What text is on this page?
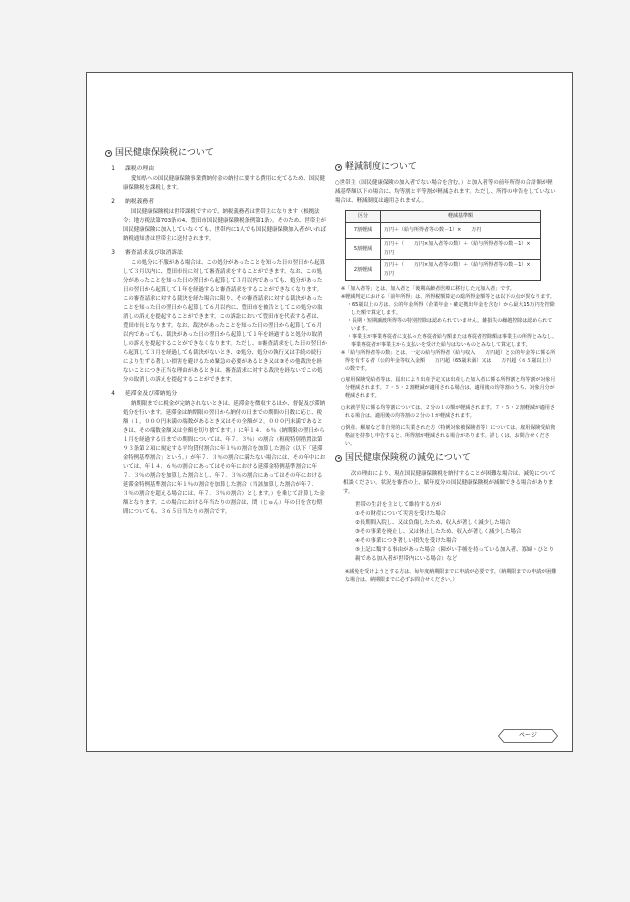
国民健康保険税について
1 課税の理由
愛知県への国民健康保険事業費納付金の納付に要する費用に充てるため、国民健康保険税を課税します。
2 納税義務者
国民健康保険税は世帯課税ですので、納税義務者は世帯主になります（根拠法令：地方税法第703条の4、豊田市国民健康保険税条例第1条）。そのため、世帯主が国民健康保険に加入していなくても、世帯内に1人でも国民健康保険加入者がいれば納税通知書は世帯主に送付されます。
3 審査請求及び取消訴訟
この処分に不服がある場合は、この処分があったことを知った日の翌日から起算して３月以内に、豊田市長に対して審査請求をすることができます。なお、この処分があったことを知った日の翌日から起算して３月以内であっても、処分があった日の翌日から起算して１年を経過すると審査請求をすることができなくなります。この審査請求に対する裁決を経た場合に限り、その審査請求に対する裁決があったことを知った日の翌日から起算して６月以内に、豊田市を被告としてこの処分の取消しの訴えを提起することができます。この訴訟において豊田市を代表する者は、豊田市長となります。なお、裁決があったことを知った日の翌日から起算して６月以内であっても、裁決があった日の翌日から起算して１年を経過すると処分の取消しの訴えを提起することができなくなります。ただし、①審査請求をした日の翌日から起算して３月を経過しても裁決がないとき、②処分、処分の執行又は手続の続行により生ずる著しい損害を避けるため緊急の必要があるとき又は③その他裁決を経ないことにつき正当な理由があるときは、審査請求に対する裁決を経ないでこの処分の取消しの訴えを提起することができます。
4 延滞金及び滞納処分
納期限までに税金が完納されないときは、延滞金を徴収するほか、督促及び滞納処分を行います。延滞金は納期限の翌日から納付の日までの期間の日数に応じ、税額（１，０００円未満の端数があるとき又はその全額が２，０００円未満であるときは、その端数金額又は全額を切り捨てます。）に年１４．６％（納期限の翌日から１月を経過する日までの期間については、年７．３％）の割合（租税特別措置法第９３条第２項に規定する平均貸付割合に年１％の割合を加算した割合（以下「延滞金特例基準割合」という。）が年７．３％の割合に満たない場合には、その年中においては、年１４．６％の割合にあってはその年における延滞金特例基準割合に年７．３％の割合を加算した割合とし、年７．３％の割合にあってはその年における延滞金特例基準割合に年１％の割合を加算した割合（当該加算した割合が年７．３％の割合を超える場合には、年７．３％の割合）とします。）を乗じて計算した金額となります。この場合における年当たりの割合は、閏（じゅん）年の日を含む期間についても、３６５日当たりの割合です。
軽減制度について
○世帯主（国民健康保険の加入者でない場合を含む。）と加入者等の前年所得の合計額が軽減基準額以下の場合に、均等割と平等割が軽減されます。ただし、所得の申告をしていない場合は、軽減制度は適用されません。
区分	軽減基準額
7割軽減	万円＋（給与所得者等の数－1）×　　万円
5割軽減	万円＋（　　万円×加入者等の数）＋（給与所得者等の数－1）×　　万円
2割軽減	万円＋（　　万円×加入者等の数）＋（給与所得者等の数－1）×　　万円
※「加入者等」とは、加入者と「後期高齢者医療に移行した元加入者」です。
※軽減判定における「前年所得」は、所得税額算定の総所得金額等とは以下の点が異なります。
・65歳以上の方は、公的年金所得（企業年金・確定拠出年金を含む）から最大15万円を控除した額で算定します。
・長期・短期譲渡所得等の特別控除は認められていません。雑損失の繰越控除は認められています。
・事業主が事業専従者に支払った専従者給与額または専従者控除額は事業主の所得とみなし、事業専従者が事業主から支払いを受けた給与はないものとみなして算定します。
※「給与所得者等の数」とは、一定の給与所得者（給与収入　　万円超）と公的年金等に係る所得を有する者（公的年金等収入金額　　万円超（65歳未満）又は　　万円超（６５歳以上））の数です。
○雇用保険受給者等は、届出により出産予定又は出産した加入者に係る所得割と均等割が対象月分軽減されます。７・５・２割軽減が適用される場合は、適用後の均等割のうち、対象月分が軽減されます。
○未就学児に係る均等割については、２分の１の額が軽減されます。７・５・２割軽減が適用される場合は、適用後の均等割の２分の１が軽減されます。
○倒産、解雇など非自発的に失業された方（特例対象被保険者等）については、雇用保険受給資格証を持参し申告すると、所得割が軽減される場合があります。詳しくは、お問合せください。
国民健康保険税の減免について
次の理由により、現在国民健康保険税を納付することが困難な場合は、減免について相談ください。状況を審査の上、賦年度分の国民健康保険税が減額できる場合があります。
世帯の生計を主として維持する方が
①その財産について災害を受けた場合
②長期間入院し、又は負傷したため、収入が著しく減少した場合
③その事業を廃止し、又は休止したため、収入が著しく減少した場合
④その事業につき著しい損失を受けた場合
⑤上記に類する事由があった場合（障がい手帳を持っている加入者、寡婦・ひとり親である加入者が世帯内にいる場合）など
※減免を受けようとする方は、毎年度納期限までに申請が必要です。（納期限までの申請が困難な場合は、納期限までに必ずお問合せください。）
ページ
